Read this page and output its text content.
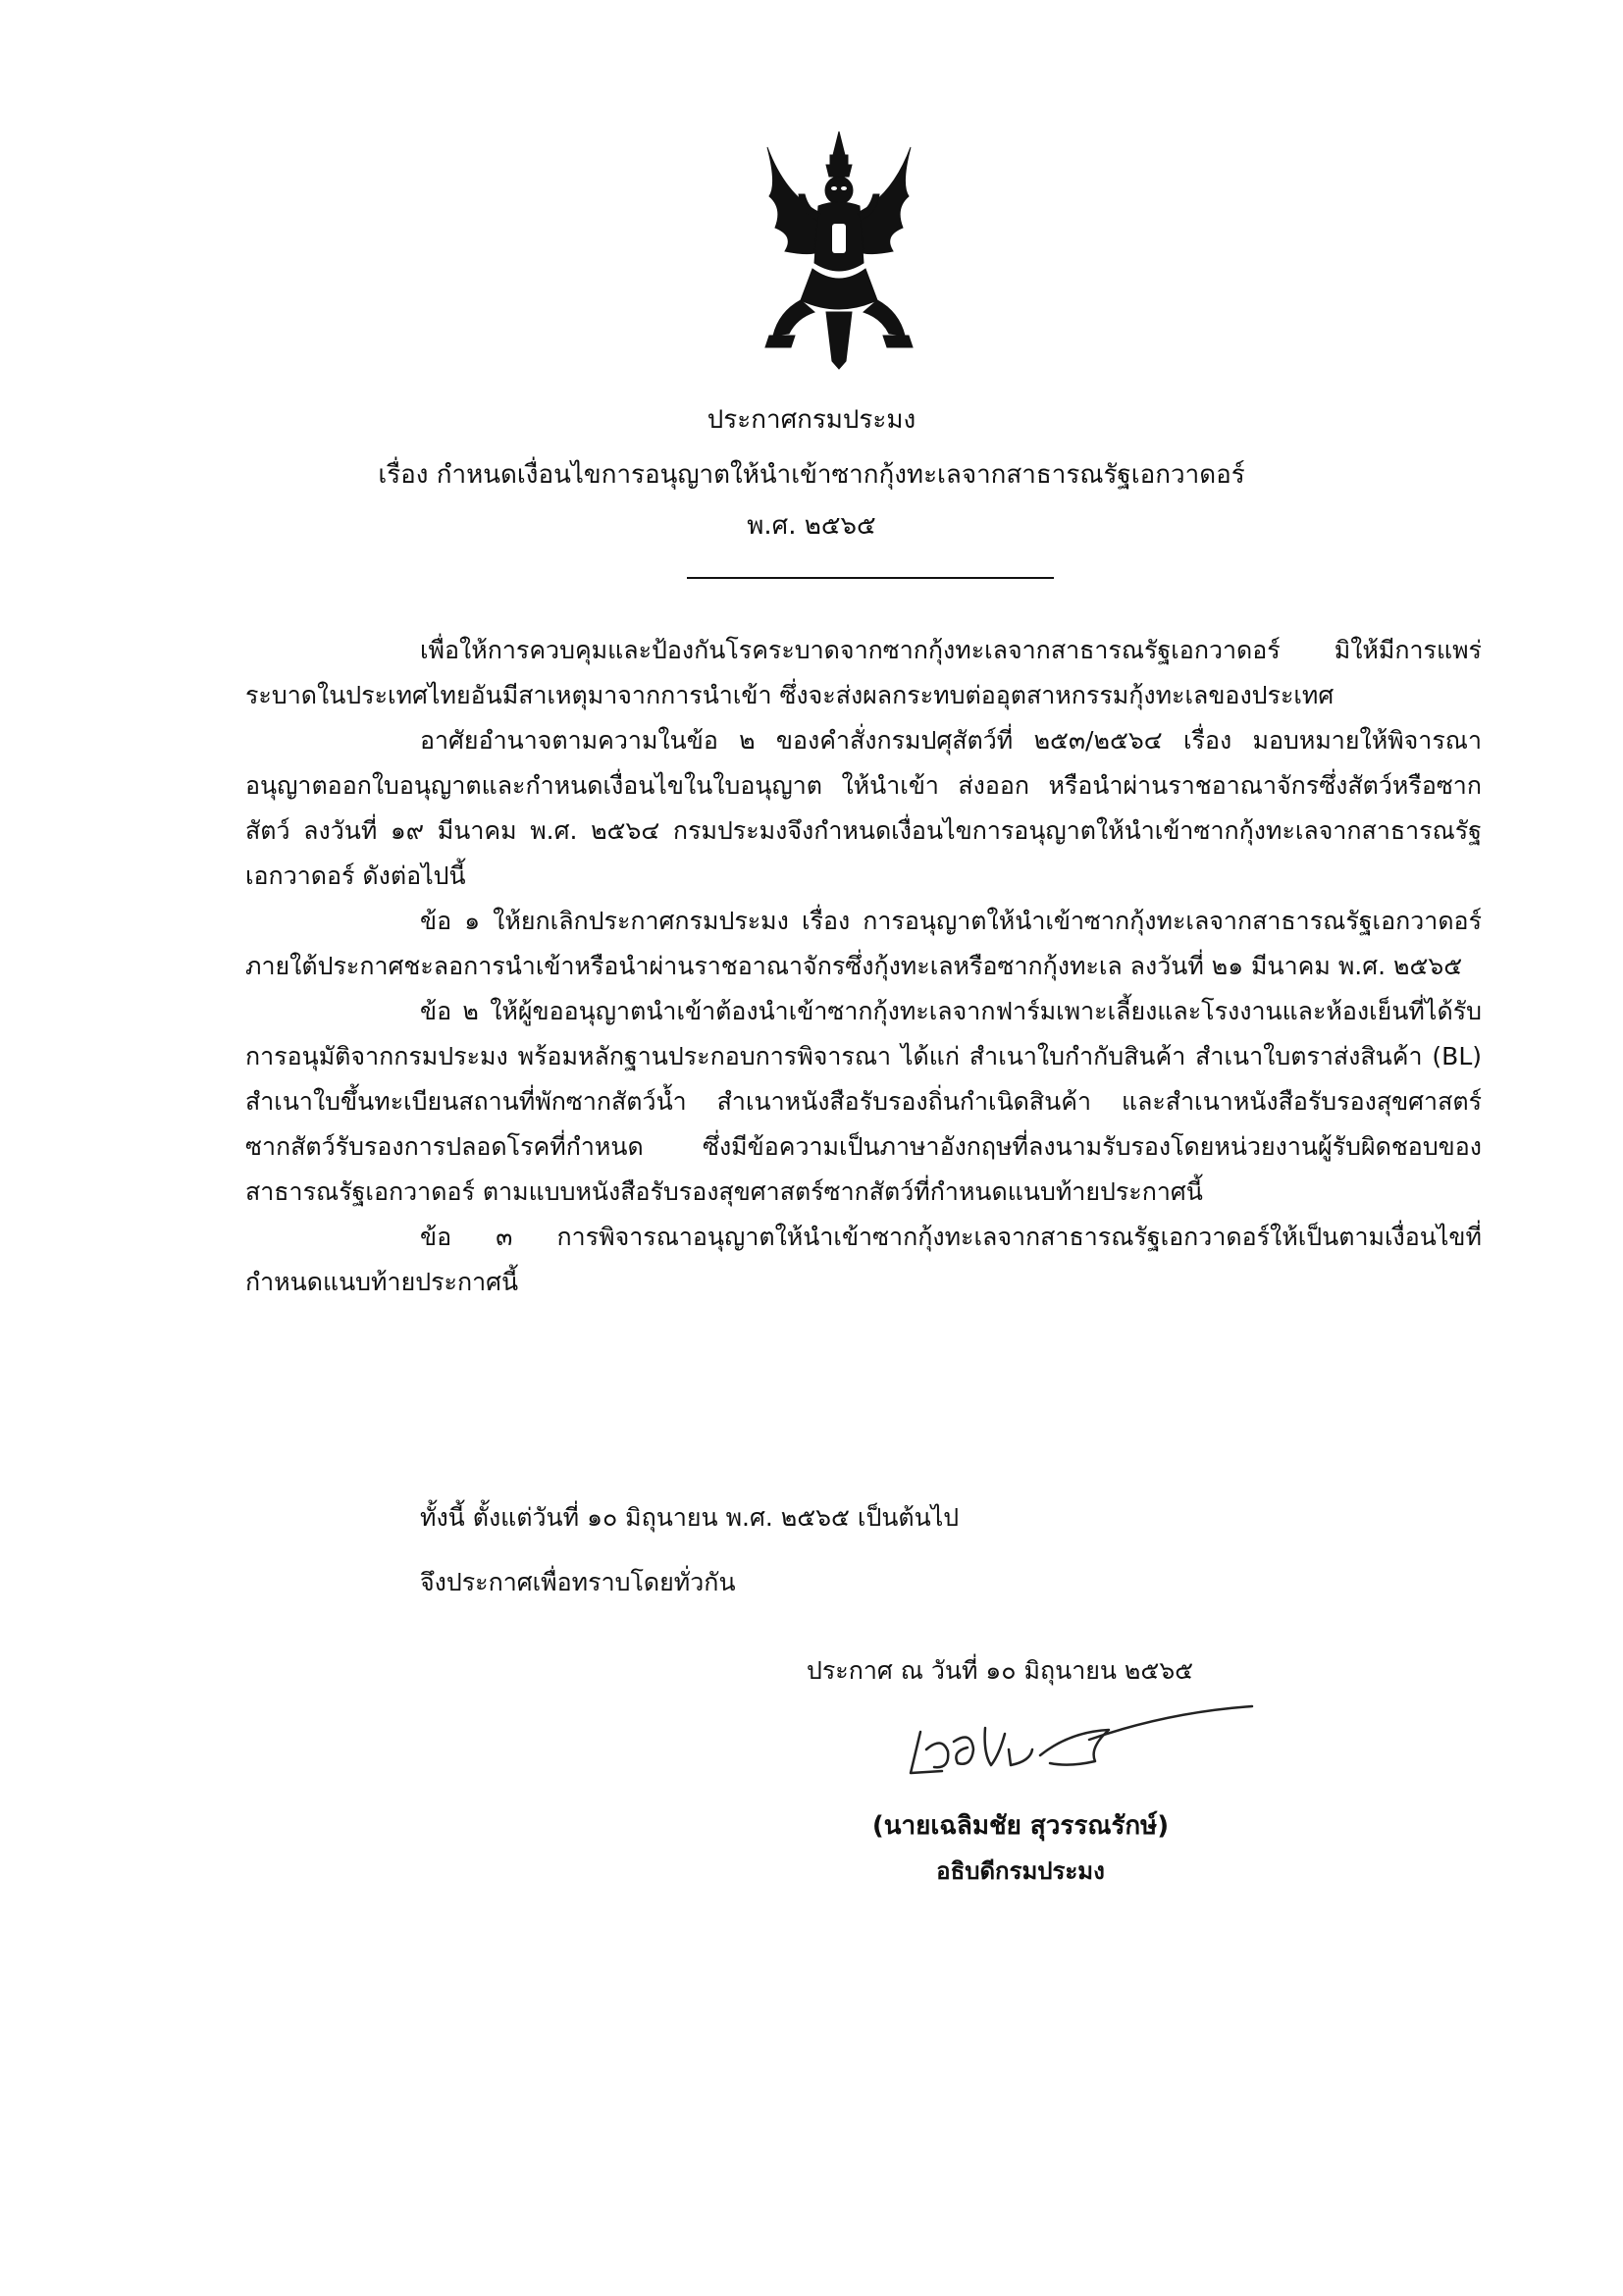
ประกาศกรมประมง
เรื่อง กำหนดเงื่อนไขการอนุญาตให้นำเข้าซากกุ้งทะเลจากสาธารณรัฐเอกวาดอร์
พ.ศ. ๒๕๖๕

เพื่อให้การควบคุมและป้องกันโรคระบาดจากซากกุ้งทะเลจากสาธารณรัฐเอกวาดอร์ มิให้มีการแพร่ระบาดในประเทศไทยอันมีสาเหตุมาจากการนำเข้า ซึ่งจะส่งผลกระทบต่ออุตสาหกรรมกุ้งทะเลของประเทศ

อาศัยอำนาจตามความในข้อ ๒ ของคำสั่งกรมปศุสัตว์ที่ ๒๕๓/๒๕๖๔ เรื่อง มอบหมายให้พิจารณาอนุญาตออกใบอนุญาตและกำหนดเงื่อนไขในใบอนุญาต ให้นำเข้า ส่งออก หรือนำผ่านราชอาณาจักรซึ่งสัตว์หรือซากสัตว์ ลงวันที่ ๑๙ มีนาคม พ.ศ. ๒๕๖๔ กรมประมงจึงกำหนดเงื่อนไขการอนุญาตให้นำเข้าซากกุ้งทะเลจากสาธารณรัฐเอกวาดอร์ ดังต่อไปนี้

ข้อ ๑ ให้ยกเลิกประกาศกรมประมง เรื่อง การอนุญาตให้นำเข้าซากกุ้งทะเลจากสาธารณรัฐเอกวาดอร์ ภายใต้ประกาศชะลอการนำเข้าหรือนำผ่านราชอาณาจักรซึ่งกุ้งทะเลหรือซากกุ้งทะเล ลงวันที่ ๒๑ มีนาคม พ.ศ. ๒๕๖๕

ข้อ ๒ ให้ผู้ขออนุญาตนำเข้าต้องนำเข้าซากกุ้งทะเลจากฟาร์มเพาะเลี้ยงและโรงงานและห้องเย็นที่ได้รับการอนุมัติจากกรมประมง พร้อมหลักฐานประกอบการพิจารณา ได้แก่ สำเนาใบกำกับสินค้า สำเนาใบตราส่งสินค้า (BL) สำเนาใบขึ้นทะเบียนสถานที่พักซากสัตว์น้ำ สำเนาหนังสือรับรองถิ่นกำเนิดสินค้า และสำเนาหนังสือรับรองสุขศาสตร์ซากสัตว์รับรองการปลอดโรคที่กำหนด ซึ่งมีข้อความเป็นภาษาอังกฤษที่ลงนามรับรองโดยหน่วยงานผู้รับผิดชอบของสาธารณรัฐเอกวาดอร์ ตามแบบหนังสือรับรองสุขศาสตร์ซากสัตว์ที่กำหนดแนบท้ายประกาศนี้

ข้อ ๓ การพิจารณาอนุญาตให้นำเข้าซากกุ้งทะเลจากสาธารณรัฐเอกวาดอร์ให้เป็นตามเงื่อนไขที่กำหนดแนบท้ายประกาศนี้

ทั้งนี้ ตั้งแต่วันที่ ๑๐ มิถุนายน พ.ศ. ๒๕๖๕ เป็นต้นไป
จึงประกาศเพื่อทราบโดยทั่วกัน
ประกาศ ณ วันที่ ๑๐ มิถุนายน ๒๕๖๕
(นายเฉลิมชัย สุวรรณรักษ์)
อธิบดีกรมประมง
